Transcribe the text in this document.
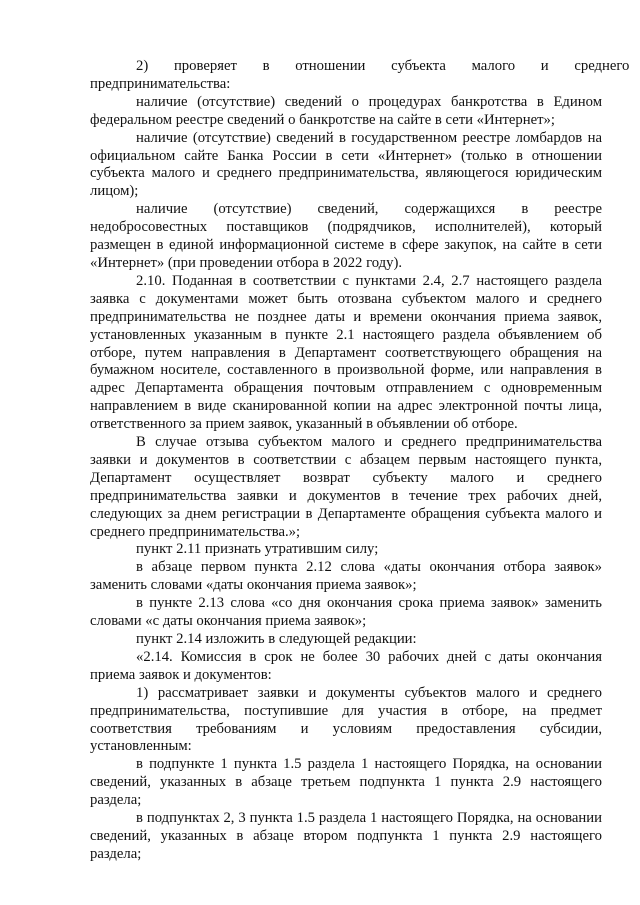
2)       проверяет       в       отношении       субъекта       малого       и       среднего предпринимательства:

наличие (отсутствие) сведений о процедурах банкротства в Едином федеральном реестре сведений о банкротстве на сайте в сети «Интернет»;

наличие (отсутствие) сведений в государственном реестре ломбардов на официальном сайте Банка России в сети «Интернет» (только в отношении субъекта малого и среднего предпринимательства, являющегося юридическим лицом);

наличие (отсутствие) сведений, содержащихся в реестре недобросовестных поставщиков (подрядчиков, исполнителей), который размещен в единой информационной системе в сфере закупок, на сайте в сети «Интернет» (при проведении отбора в 2022 году).

2.10. Поданная в соответствии с пунктами 2.4, 2.7 настоящего раздела заявка с документами может быть отозвана субъектом малого и среднего предпринимательства не позднее даты и времени окончания приема заявок, установленных указанным в пункте 2.1 настоящего раздела объявлением об отборе, путем направления в Департамент соответствующего обращения на бумажном носителе, составленного в произвольной форме, или направления в адрес Департамента обращения почтовым отправлением с одновременным направлением в виде сканированной копии на адрес электронной почты лица, ответственного за прием заявок, указанный в объявлении об отборе.

В случае отзыва субъектом малого и среднего предпринимательства заявки и документов в соответствии с абзацем первым настоящего пункта, Департамент осуществляет возврат субъекту малого и среднего предпринимательства заявки и документов в течение трех рабочих дней, следующих за днем регистрации в Департаменте обращения субъекта малого и среднего предпринимательства.»;

пункт 2.11 признать утратившим силу;

в абзаце первом пункта 2.12 слова «даты окончания отбора заявок» заменить словами «даты окончания приема заявок»;

в пункте 2.13 слова «со дня окончания срока приема заявок» заменить словами «с даты окончания приема заявок»;

пункт 2.14 изложить в следующей редакции:

«2.14. Комиссия в срок не более 30 рабочих дней с даты окончания приема заявок и документов:

1) рассматривает заявки и документы субъектов малого и среднего предпринимательства, поступившие для участия в отборе, на предмет соответствия требованиям и условиям предоставления субсидии, установленным:

в подпункте 1 пункта 1.5 раздела 1 настоящего Порядка, на основании сведений, указанных в абзаце третьем подпункта 1 пункта 2.9 настоящего раздела;

в подпунктах 2, 3 пункта 1.5 раздела 1 настоящего Порядка, на основании сведений, указанных в абзаце втором подпункта 1 пункта 2.9 настоящего раздела;
